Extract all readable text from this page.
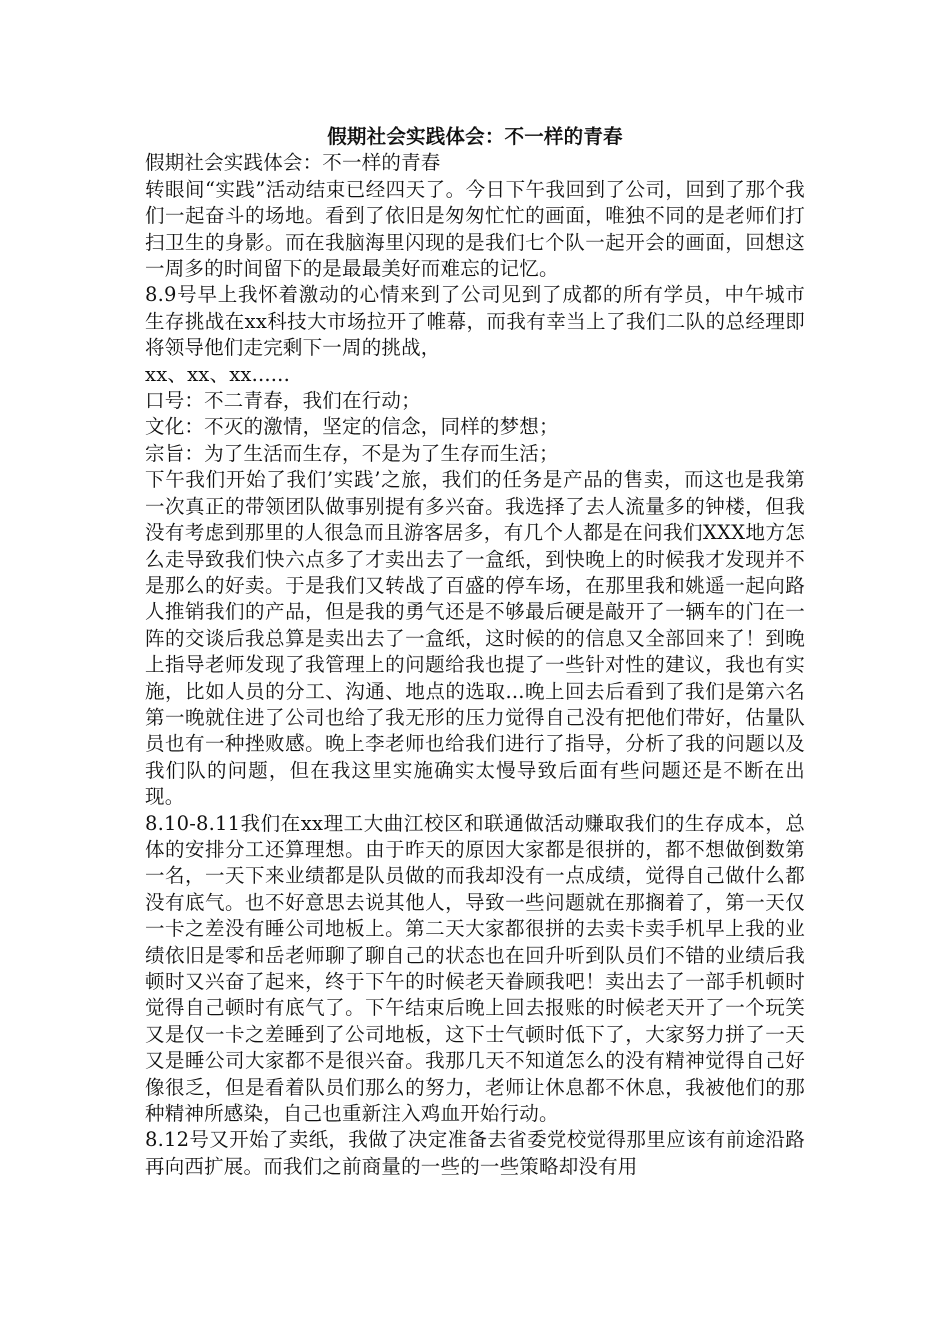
假期社会实践体会：不一样的青春

假期社会实践体会：不一样的青春

转眼间“实践”活动结束已经四天了。今日下午我回到了公司，回到了那个我们一起奋斗的场地。看到了依旧是匆匆忙忙的画面，唯独不同的是老师们打扫卫生的身影。而在我脑海里闪现的是我们七个队一起开会的画面，回想这一周多的时间留下的是最最美好而难忘的记忆。

8.9号早上我怀着激动的心情来到了公司见到了成都的所有学员，中午城市生存挑战在xx科技大市场拉开了帷幕，而我有幸当上了我们二队的总经理即将领导他们走完剩下一周的挑战，

xx、xx、xx......

口号：不二青春，我们在行动；

文化：不灭的激情，坚定的信念，同样的梦想；

宗旨：为了生活而生存，不是为了生存而生活；

下午我们开始了我们’实践’之旅，我们的任务是产品的售卖，而这也是我第一次真正的带领团队做事别提有多兴奋。我选择了去人流量多的钟楼，但我没有考虑到那里的人很急而且游客居多，有几个人都是在问我们XXX地方怎么走导致我们快六点多了才卖出去了一盒纸，到快晚上的时候我才发现并不是那么的好卖。于是我们又转战了百盛的停车场，在那里我和姚遥一起向路人推销我们的产品，但是我的勇气还是不够最后硬是敲开了一辆车的门在一阵的交谈后我总算是卖出去了一盒纸，这时候的的信息又全部回来了！到晚上指导老师发现了我管理上的问题给我也提了一些针对性的建议，我也有实施，比如人员的分工、沟通、地点的选取...晚上回去后看到了我们是第六名第一晚就住进了公司也给了我无形的压力觉得自己没有把他们带好，估量队员也有一种挫败感。晚上李老师也给我们进行了指导，分析了我的问题以及我们队的问题，但在我这里实施确实太慢导致后面有些问题还是不断在出现。

8.10-8.11我们在xx理工大曲江校区和联通做活动赚取我们的生存成本，总体的安排分工还算理想。由于昨天的原因大家都是很拼的，都不想做倒数第一名，一天下来业绩都是队员做的而我却没有一点成绩，觉得自己做什么都没有底气。也不好意思去说其他人，导致一些问题就在那搁着了，第一天仅一卡之差没有睡公司地板上。第二天大家都很拼的去卖卡卖手机早上我的业绩依旧是零和岳老师聊了聊自己的状态也在回升听到队员们不错的业绩后我顿时又兴奋了起来，终于下午的时候老天眷顾我吧！卖出去了一部手机顿时觉得自己顿时有底气了。下午结束后晚上回去报账的时候老天开了一个玩笑又是仅一卡之差睡到了公司地板，这下士气顿时低下了，大家努力拼了一天又是睡公司大家都不是很兴奋。我那几天不知道怎么的没有精神觉得自己好像很乏，但是看着队员们那么的努力，老师让休息都不休息，我被他们的那种精神所感染，自己也重新注入鸡血开始行动。

8.12号又开始了卖纸，我做了决定准备去省委党校觉得那里应该有前途沿路再向西扩展。而我们之前商量的一些的一些策略却没有用
